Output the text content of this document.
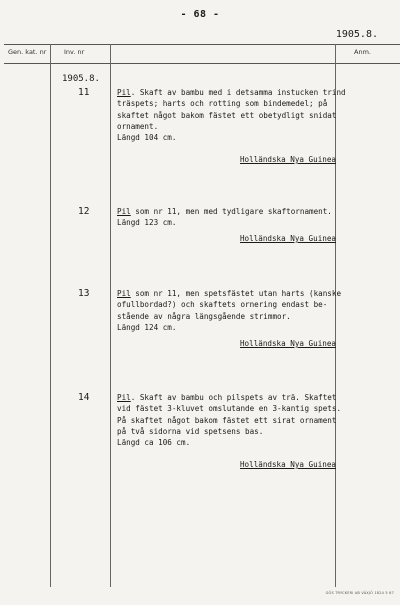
- 68 -
1905.8.
Gen. kat. nr	Inv. nr	Anm.
1905.8.
11	Pil. Skaft av bambu med i detsamma instucken trind
träspets; harts och rotting som bindemedel; på
skaftet något bakom fästet ett obetydligt snidat
ornament.
Längd 104 cm.
Holländska Nya Guinea
12	Pil som nr 11, men med tydligare skaftornament.
Längd 123 cm.
Holländska Nya Guinea
13	Pil som nr 11, men spetsfästet utan harts (kanske
ofullbordad?) och skaftets ornering endast be-
stående av några längsgående strimmor.
Längd 124 cm.
Holländska Nya Guinea
14	Pil. Skaft av bambu och pilspets av trä. Skaftet
vid fästet 3-kluvet omslutande en 3-kantig spets.
På skaftet något bakom fästet ett sirat ornament
på två sidorna vid spetsens bas.
Längd ca 106 cm.
Holländska Nya Guinea
GÖS TRYCKERI AB VÄXJÖ 1824 5 67
